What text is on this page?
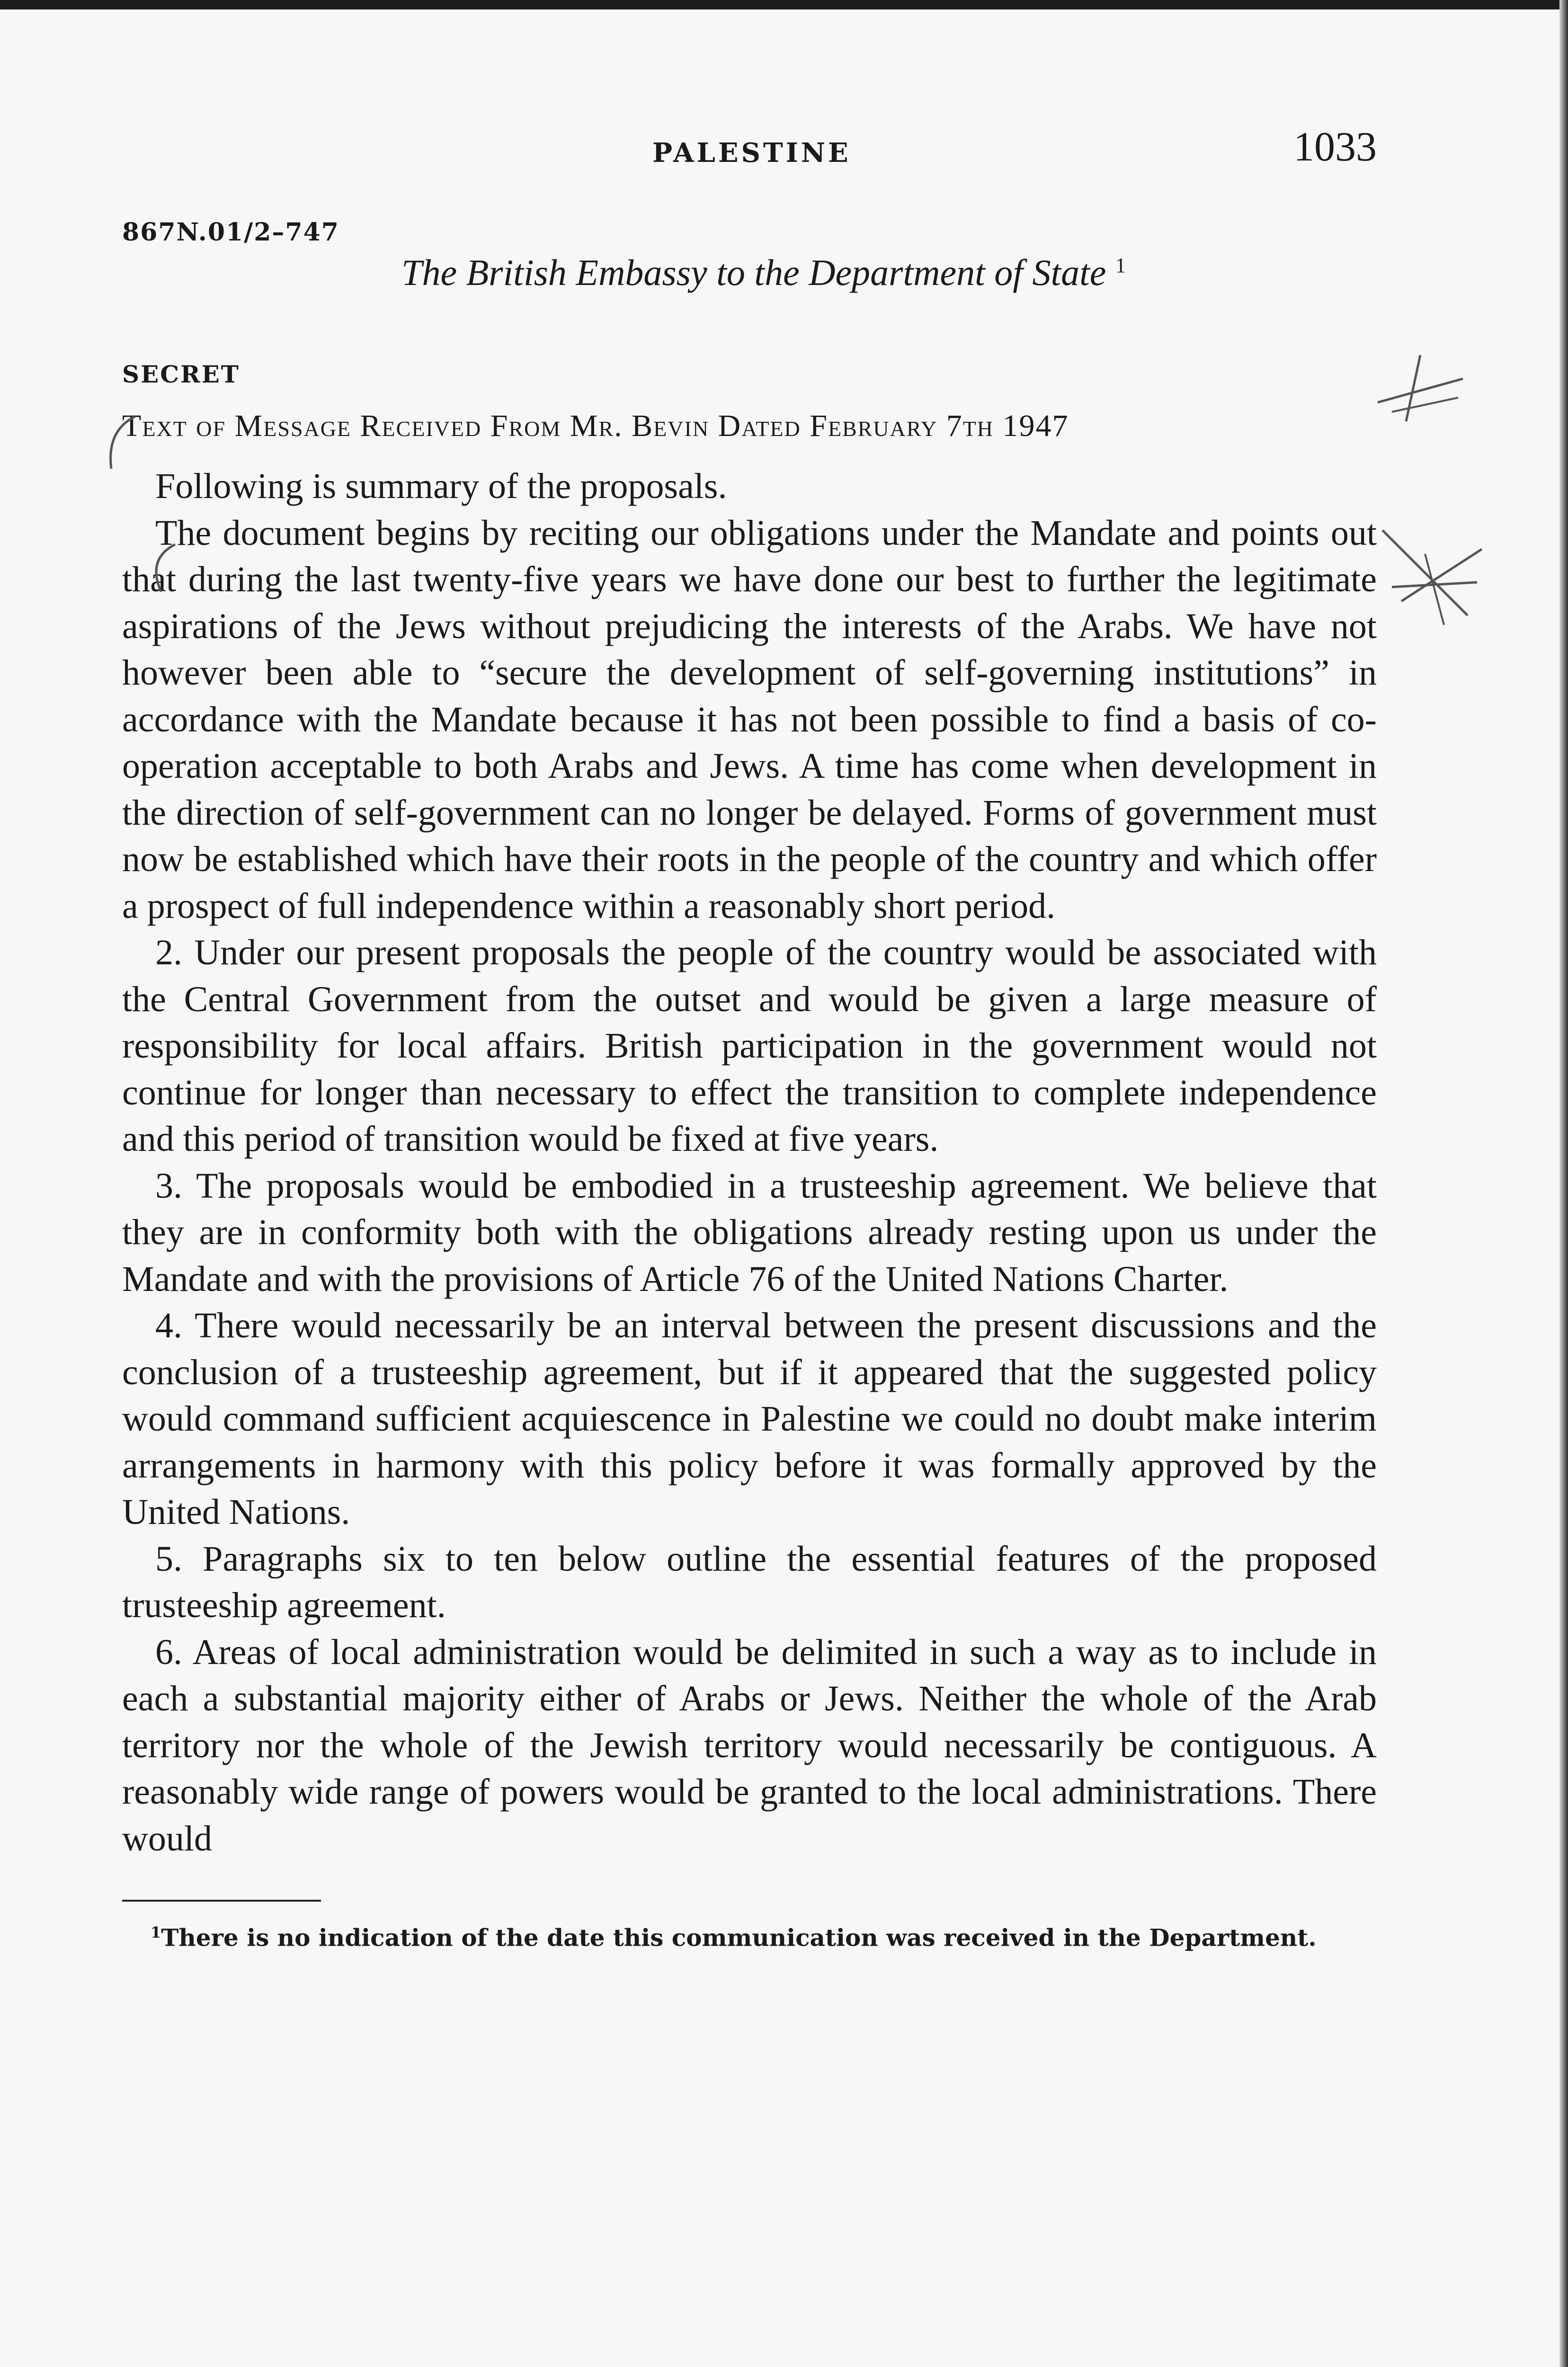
PALESTINE	1033
867N.01/2–747
The British Embassy to the Department of State $^1$
SECRET
Text of Message Received From Mr. Bevin Dated February 7th 1947

Following is summary of the proposals.

The document begins by reciting our obligations under the Mandate and points out that during the last twenty-five years we have done our best to further the legitimate aspirations of the Jews without prejudicing the interests of the Arabs. We have not however been able to “secure the development of self-governing institutions” in accordance with the Mandate because it has not been possible to find a basis of co-operation acceptable to both Arabs and Jews. A time has come when development in the direction of self-government can no longer be delayed. Forms of government must now be established which have their roots in the people of the country and which offer a prospect of full independence within a reasonably short period.

2. Under our present proposals the people of the country would be associated with the Central Government from the outset and would be given a large measure of responsibility for local affairs. British participation in the government would not continue for longer than necessary to effect the transition to complete independence and this period of transition would be fixed at five years.

3. The proposals would be embodied in a trusteeship agreement. We believe that they are in conformity both with the obligations already resting upon us under the Mandate and with the provisions of Article 76 of the United Nations Charter.

4. There would necessarily be an interval between the present discussions and the conclusion of a trusteeship agreement, but if it appeared that the suggested policy would command sufficient acquiescence in Palestine we could no doubt make interim arrangements in harmony with this policy before it was formally approved by the United Nations.

5. Paragraphs six to ten below outline the essential features of the proposed trusteeship agreement.

6. Areas of local administration would be delimited in such a way as to include in each a substantial majority either of Arabs or Jews. Neither the whole of the Arab territory nor the whole of the Jewish territory would necessarily be contiguous. A reasonably wide range of powers would be granted to the local administrations. There would

$^1$There is no indication of the date this communication was received in the Department.
